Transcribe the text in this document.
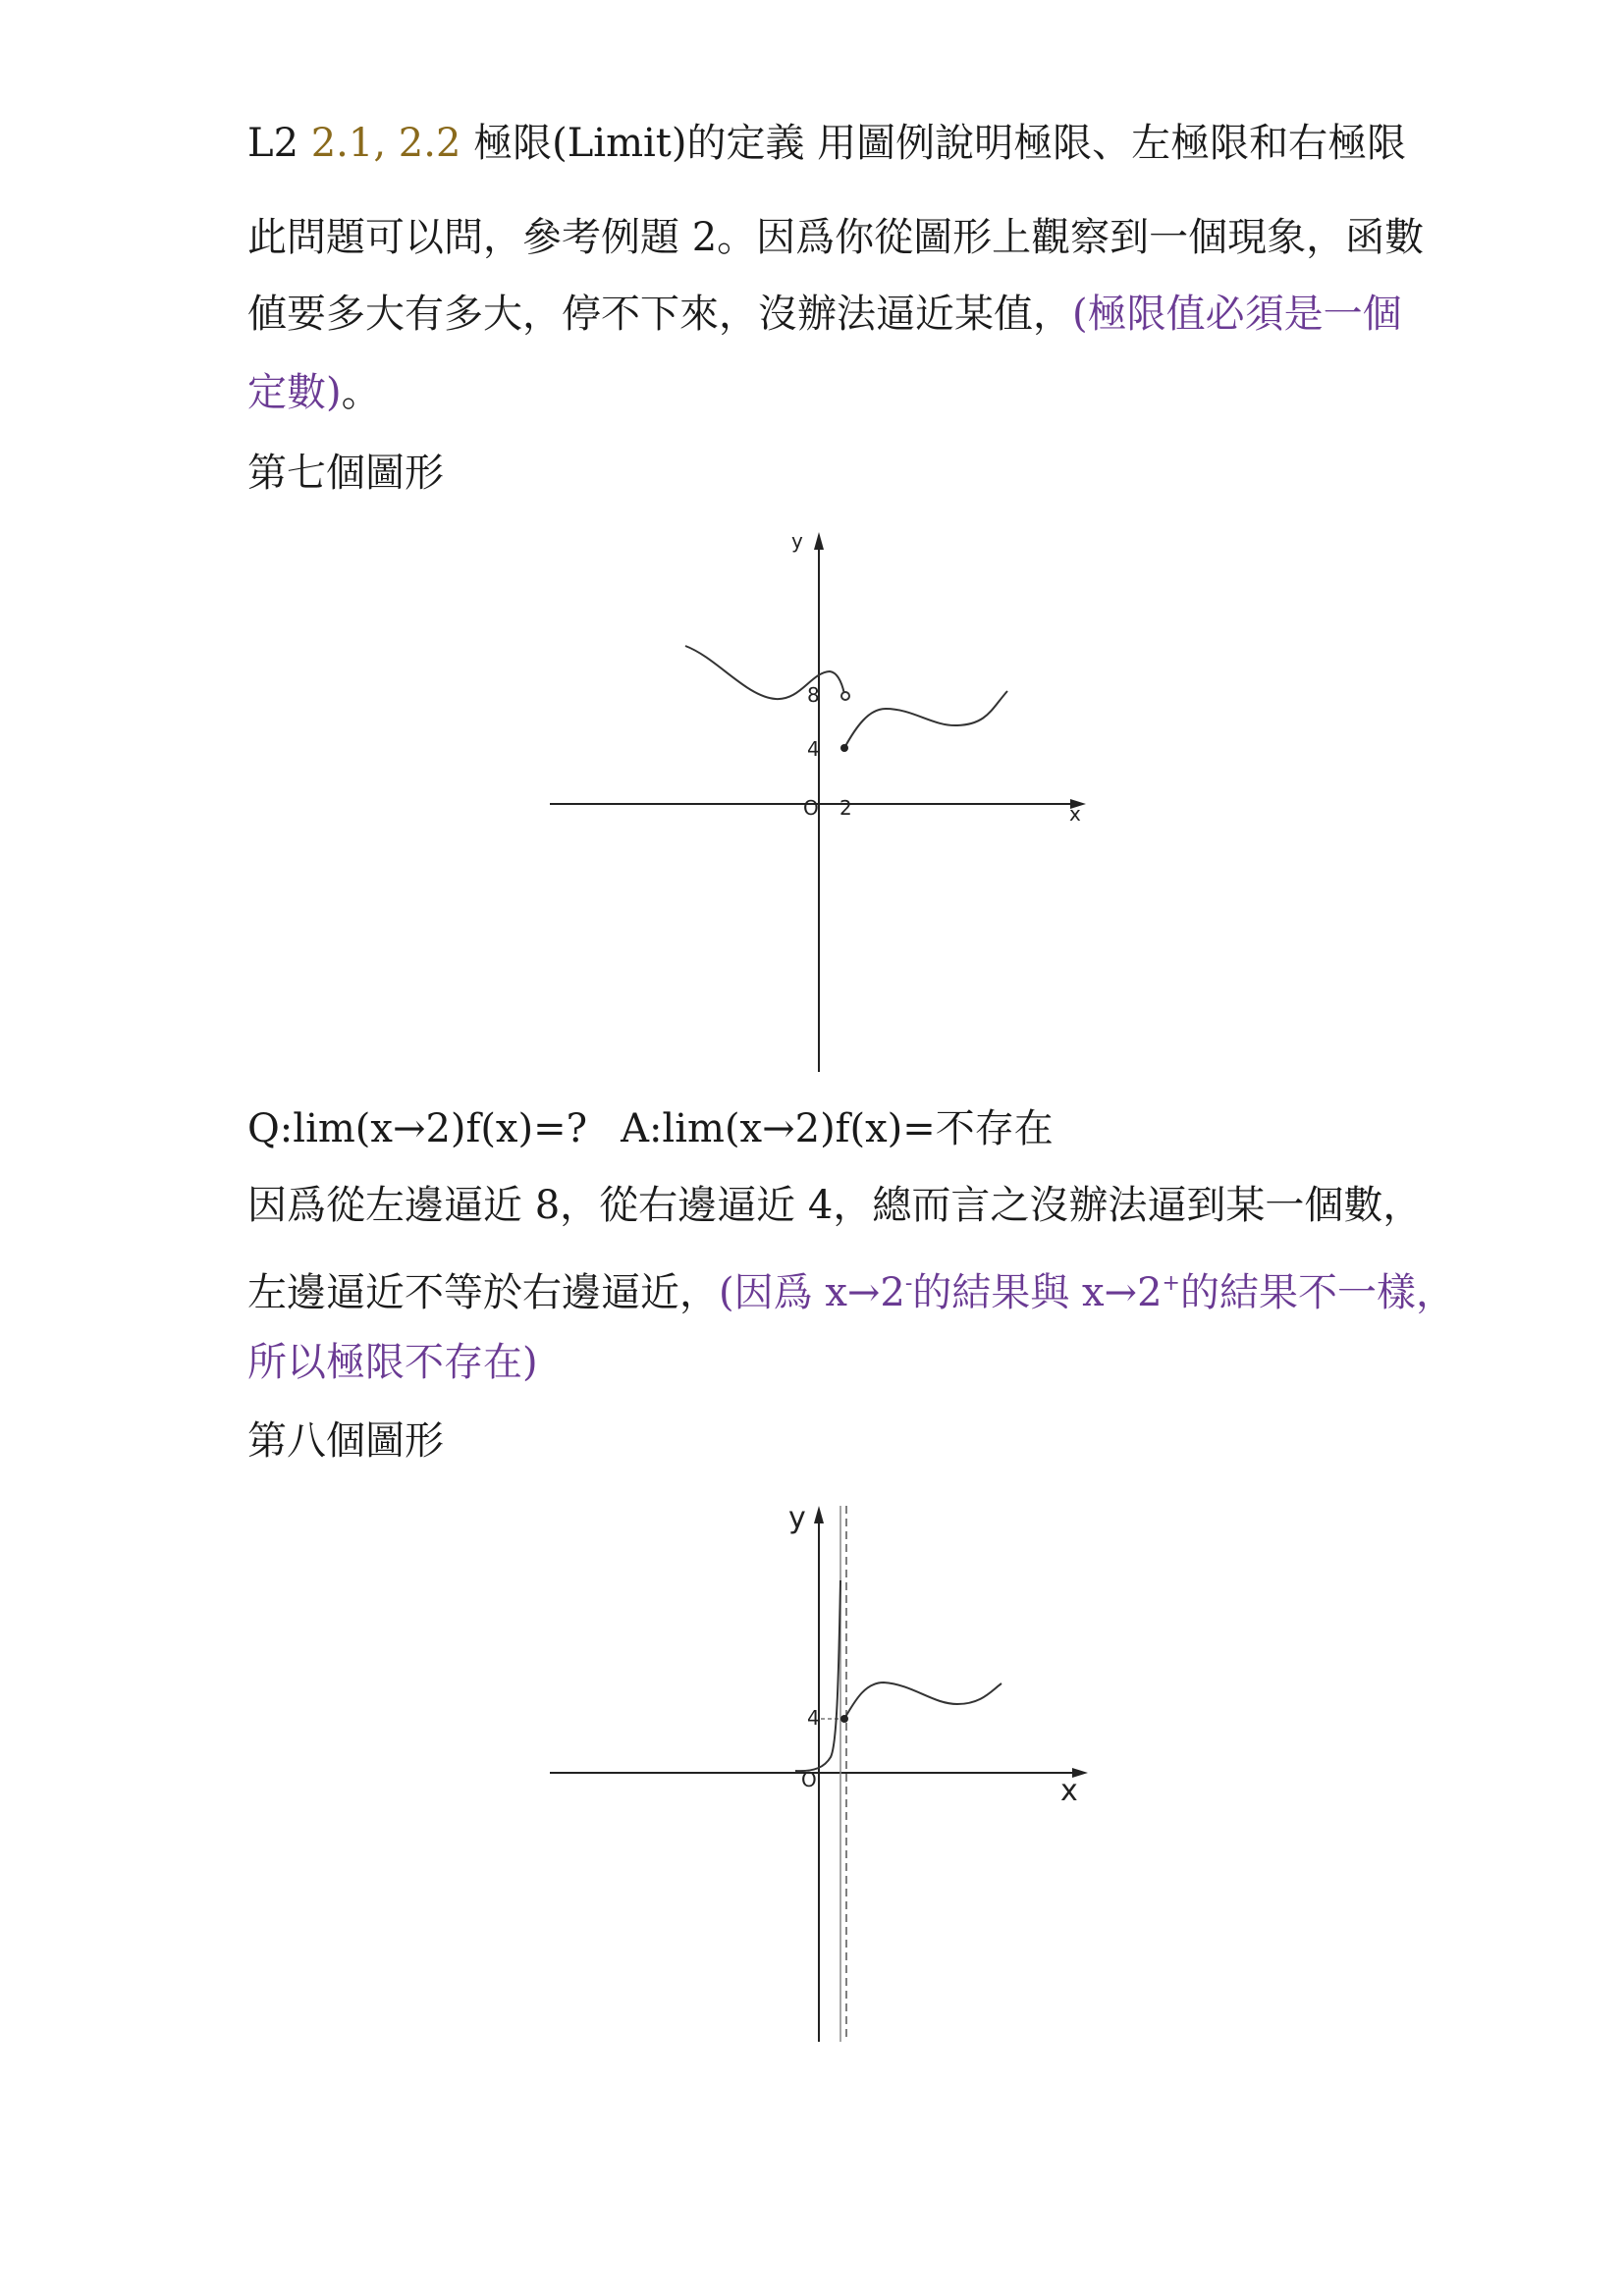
L2 2.1, 2.2 極限(Limit)的定義 用圖例說明極限、左極限和右極限
此問題可以問，參考例題 2。因爲你從圖形上觀察到一個現象，函數
値要多大有多大，停不下來，沒辦法逼近某值，(極限值必須是一個
定數)。
第七個圖形
y
x
O 2
8
4
Q:lim(x→2)f(x)=? A:lim(x→2)f(x)=不存在
因爲從左邊逼近 8，從右邊逼近 4，總而言之沒辦法逼到某一個數，
左邊逼近不等於右邊逼近，(因爲 x→2-的結果與 x→2+的結果不一樣，
所以極限不存在)
第八個圖形
y
x
O
4
